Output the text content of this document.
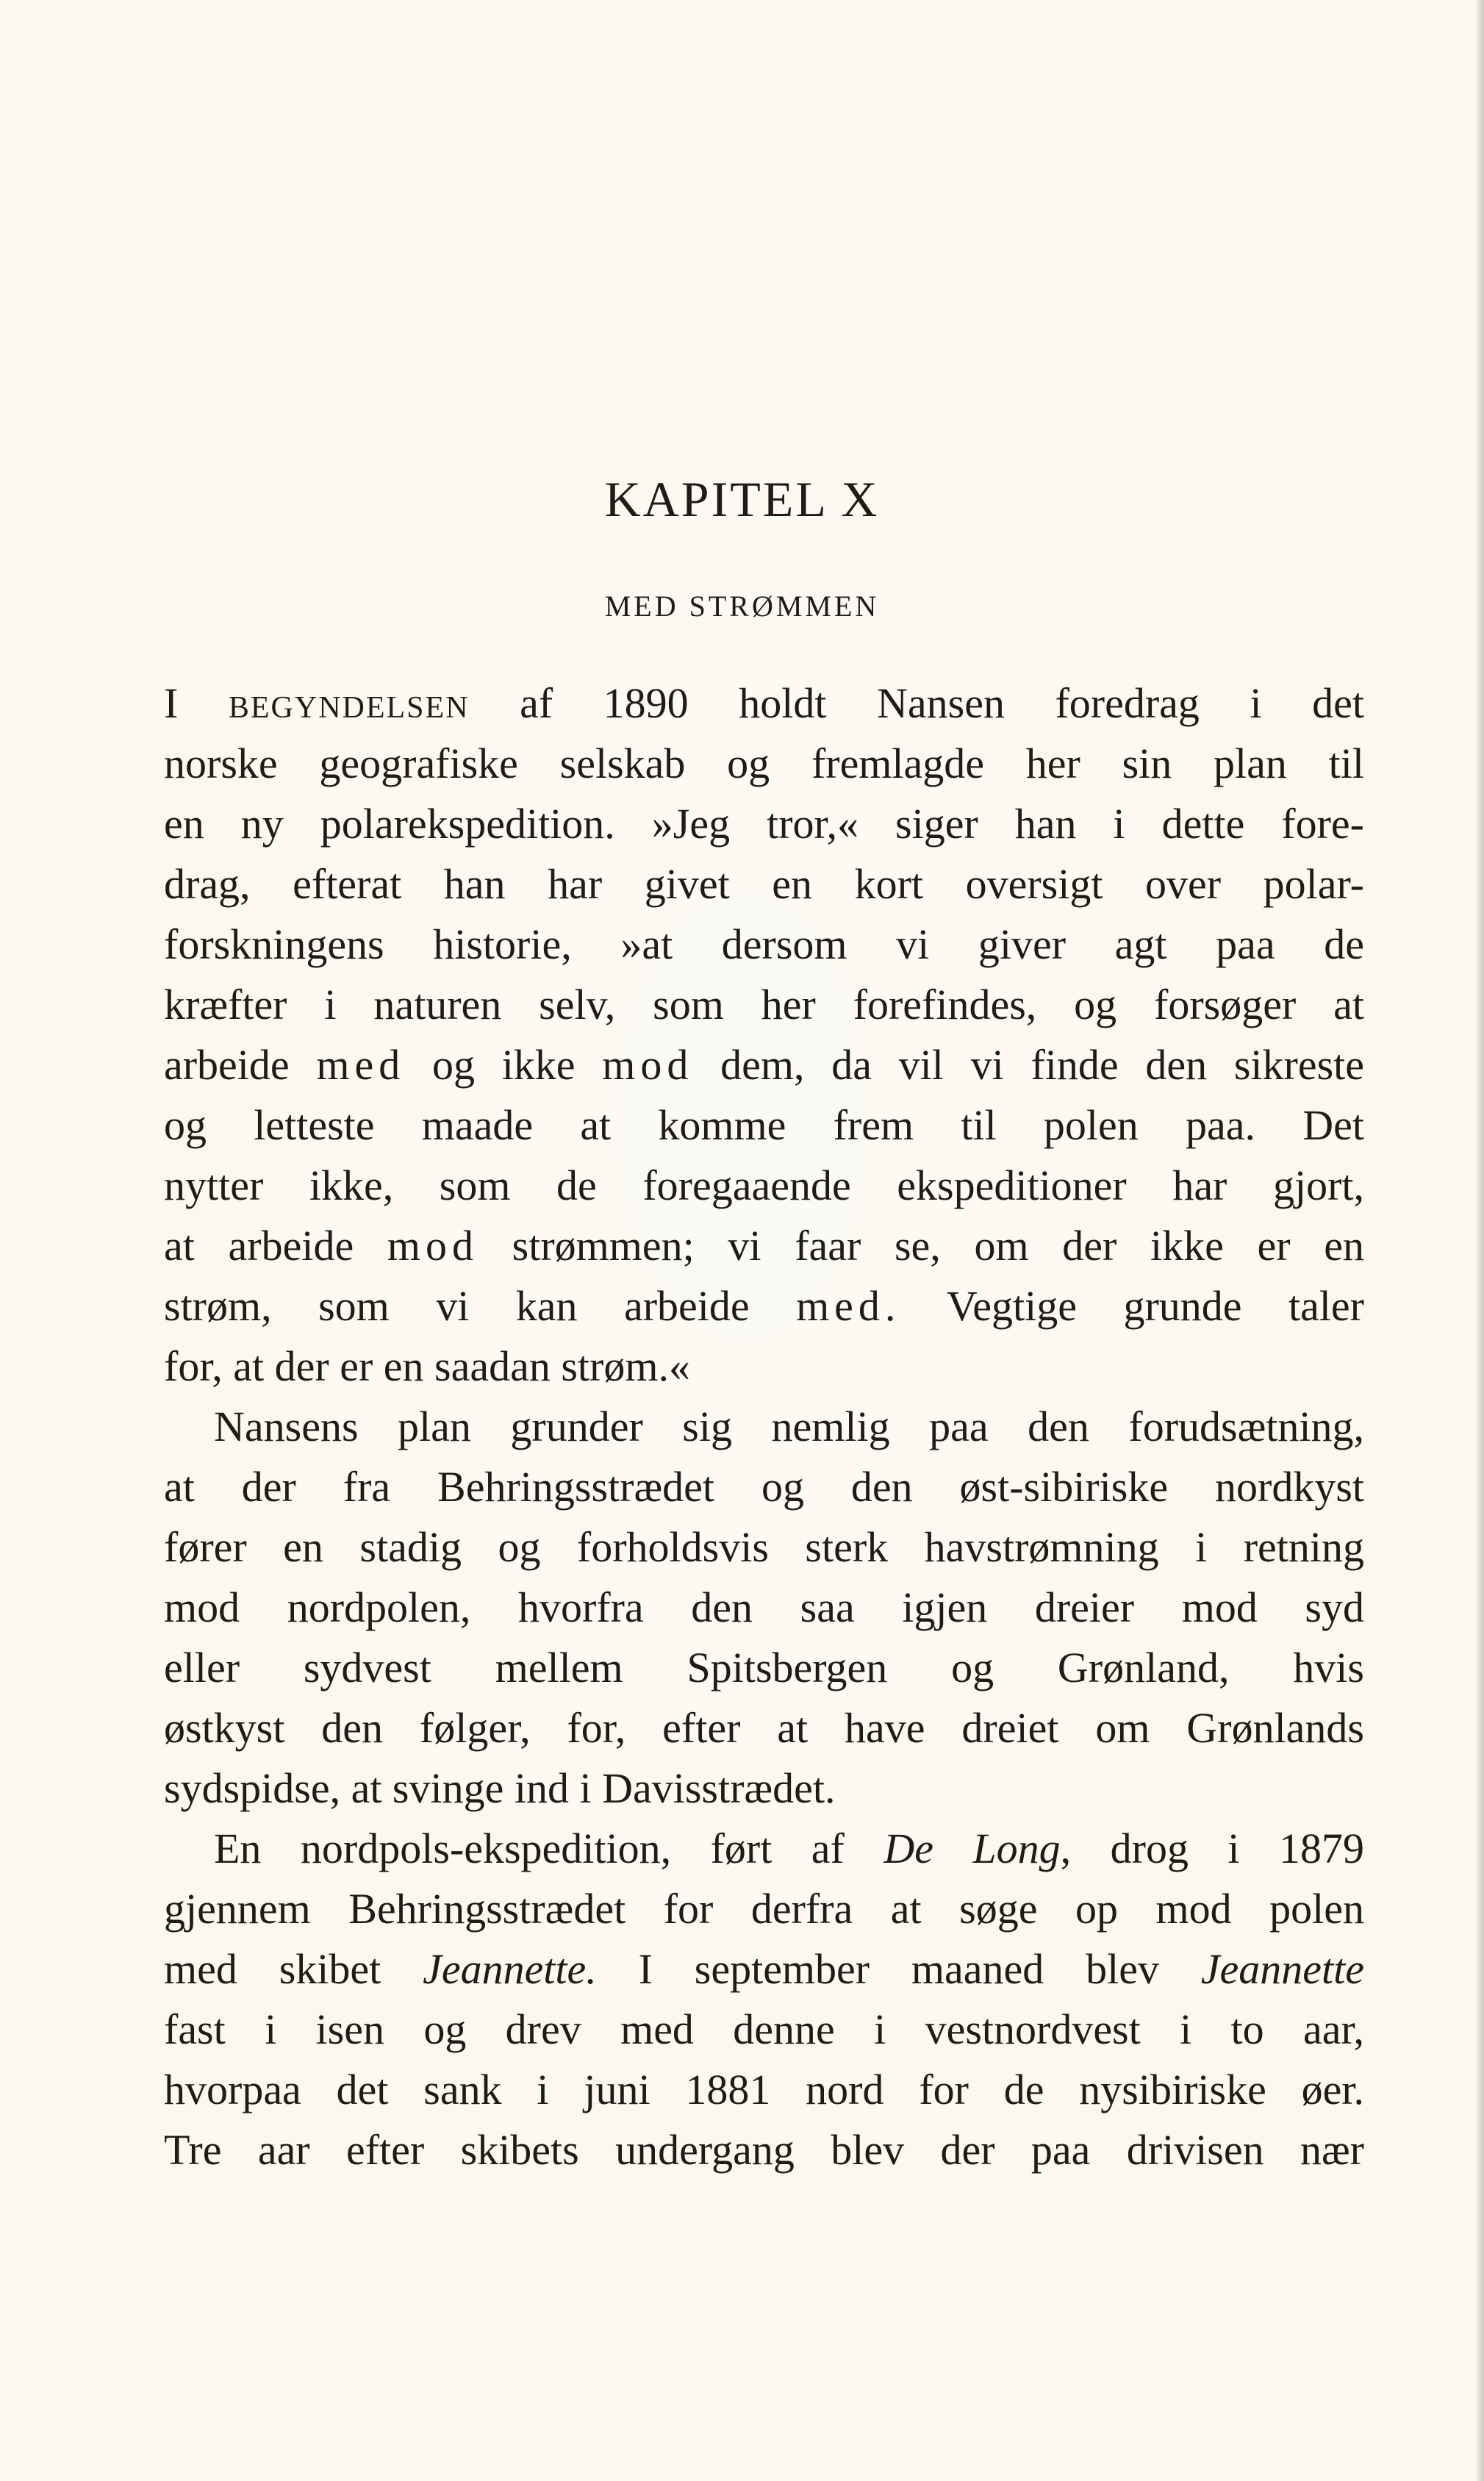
KAPITEL X
MED STRØMMEN
I BEGYNDELSEN af 1890 holdt Nansen foredrag i det
norske geografiske selskab og fremlagde her sin plan til
en ny polarekspedition. »Jeg tror,« siger han i dette fore-
drag, efterat han har givet en kort oversigt over polar-
forskningens historie, »at dersom vi giver agt paa de
kræfter i naturen selv, som her forefindes, og forsøger at
arbeide med og ikke mod dem, da vil vi finde den sikreste
og letteste maade at komme frem til polen paa. Det
nytter ikke, som de foregaaende ekspeditioner har gjort,
at arbeide mod strømmen; vi faar se, om der ikke er en
strøm, som vi kan arbeide med. Vegtige grunde taler
for, at der er en saadan strøm.«
Nansens plan grunder sig nemlig paa den forudsætning,
at der fra Behringsstrædet og den øst-sibiriske nordkyst
fører en stadig og forholdsvis sterk havstrømning i retning
mod nordpolen, hvorfra den saa igjen dreier mod syd
eller sydvest mellem Spitsbergen og Grønland, hvis
østkyst den følger, for, efter at have dreiet om Grønlands
sydspidse, at svinge ind i Davisstrædet.
En nordpols-ekspedition, ført af De Long, drog i 1879
gjennem Behringsstrædet for derfra at søge op mod polen
med skibet Jeannette. I september maaned blev Jeannette
fast i isen og drev med denne i vestnordvest i to aar,
hvorpaa det sank i juni 1881 nord for de nysibiriske øer.
Tre aar efter skibets undergang blev der paa drivisen nær
